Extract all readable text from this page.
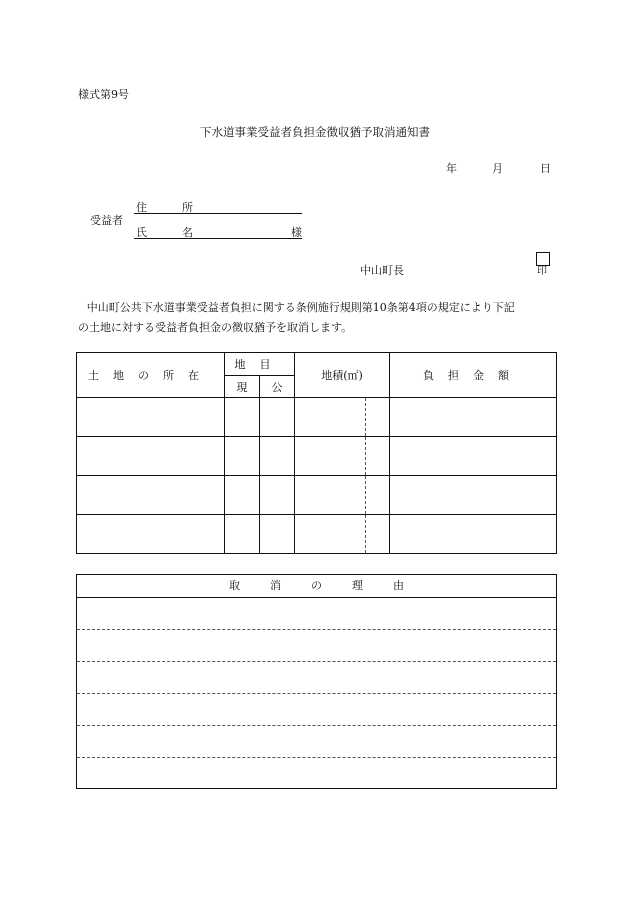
様式第9号
下水道事業受益者負担金徴収猶予取消通知書
年	月	日
受益者
住　所
氏　名	様
中山町長	印

中山町公共下水道事業受益者負担に関する条例施行規則第10条第4項の規定により下記

の土地に対する受益者負担金の徴収猶予を取消します。

土地の所在	地目		地積(㎡)		負担金額
	現	公			

取消の理由
